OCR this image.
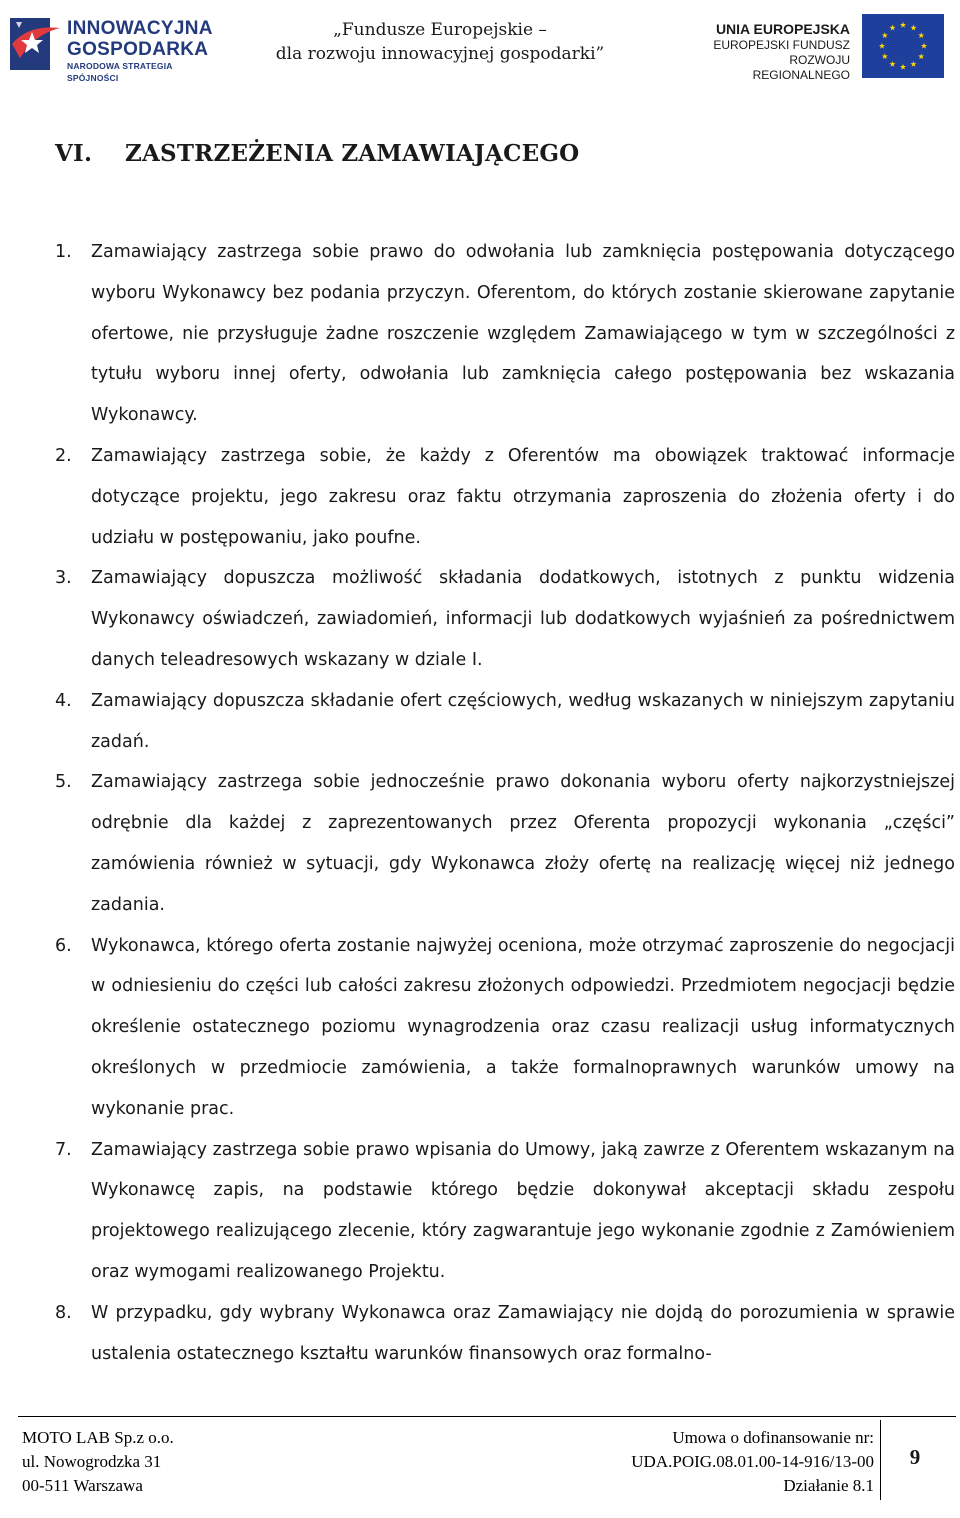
INNOWACYJNA
GOSPODARKA
NARODOWA STRATEGIA SPÓJNOŚCI
„Fundusze Europejskie –
dla rozwoju innowacyjnej gospodarki”
UNIA EUROPEJSKA
EUROPEJSKI FUNDUSZ
ROZWOJU REGIONALNEGO
VI. ZASTRZEŻENIA ZAMAWIAJĄCEGO
1. Zamawiający zastrzega sobie prawo do odwołania lub zamknięcia postępowania dotyczącego wyboru Wykonawcy bez podania przyczyn. Oferentom, do których zostanie skierowane zapytanie ofertowe, nie przysługuje żadne roszczenie względem Zamawiającego w tym w szczególności z tytułu wyboru innej oferty, odwołania lub zamknięcia całego postępowania bez wskazania Wykonawcy.
2. Zamawiający zastrzega sobie, że każdy z Oferentów ma obowiązek traktować informacje dotyczące projektu, jego zakresu oraz faktu otrzymania zaproszenia do złożenia oferty i do udziału w postępowaniu, jako poufne.
3. Zamawiający dopuszcza możliwość składania dodatkowych, istotnych z punktu widzenia Wykonawcy oświadczeń, zawiadomień, informacji lub dodatkowych wyjaśnień za pośrednictwem danych teleadresowych wskazany w dziale I.
4. Zamawiający dopuszcza składanie ofert częściowych, według wskazanych w niniejszym zapytaniu zadań.
5. Zamawiający zastrzega sobie jednocześnie prawo dokonania wyboru oferty najkorzystniejszej odrębnie dla każdej z zaprezentowanych przez Oferenta propozycji wykonania „części” zamówienia również w sytuacji, gdy Wykonawca złoży ofertę na realizację więcej niż jednego zadania.
6. Wykonawca, którego oferta zostanie najwyżej oceniona, może otrzymać zaproszenie do negocjacji w odniesieniu do części lub całości zakresu złożonych odpowiedzi. Przedmiotem negocjacji będzie określenie ostatecznego poziomu wynagrodzenia oraz czasu realizacji usług informatycznych określonych w przedmiocie zamówienia, a także formalnoprawnych warunków umowy na wykonanie prac.
7. Zamawiający zastrzega sobie prawo wpisania do Umowy, jaką zawrze z Oferentem wskazanym na Wykonawcę zapis, na podstawie którego będzie dokonywał akceptacji składu zespołu projektowego realizującego zlecenie, który zagwarantuje jego wykonanie zgodnie z Zamówieniem oraz wymogami realizowanego Projektu.
8. W przypadku, gdy wybrany Wykonawca oraz Zamawiający nie dojdą do porozumienia w sprawie ustalenia ostatecznego kształtu warunków finansowych oraz formalno-
MOTO LAB Sp.z o.o.
ul. Nowogrodzka 31
00-511 Warszawa
Umowa o dofinansowanie nr:
UDA.POIG.08.01.00-14-916/13-00
Działanie 8.1
9
